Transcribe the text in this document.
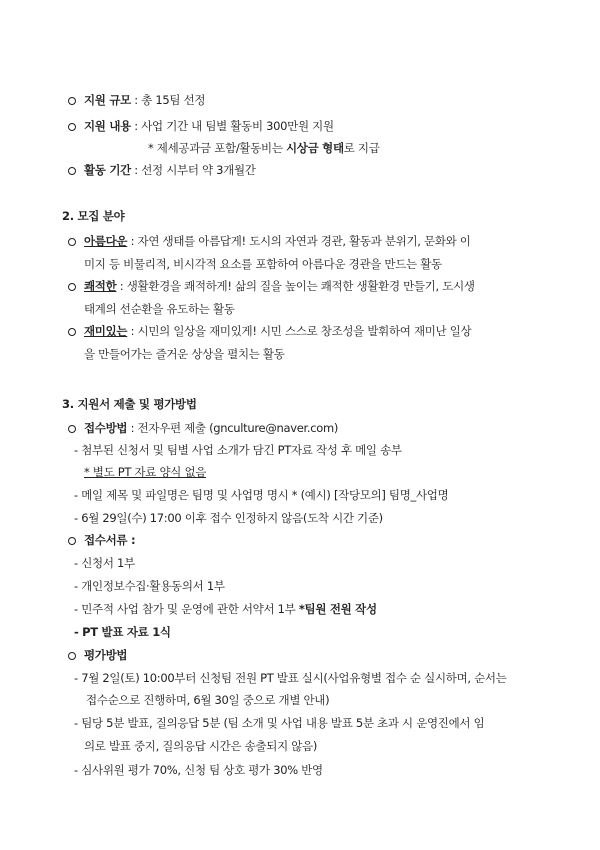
지원 규모 : 총 15팀 선정
지원 내용 : 사업 기간 내 팀별 활동비 300만원 지원
* 제세공과금 포함/활동비는 시상금 형태로 지급
활동 기간 : 선정 시부터 약 3개월간
2. 모집 분야
아름다운 : 자연 생태를 아름답게! 도시의 자연과 경관, 활동과 분위기, 문화와 이
미지 등 비물리적, 비시각적 요소를 포함하여 아름다운 경관을 만드는 활동
쾌적한 : 생활환경을 쾌적하게! 삶의 질을 높이는 쾌적한 생활환경 만들기, 도시생
태계의 선순환을 유도하는 활동
재미있는 : 시민의 일상을 재미있게! 시민 스스로 창조성을 발휘하여 재미난 일상
을 만들어가는 즐거운 상상을 펼치는 활동
3. 지원서 제출 및 평가방법
접수방법 : 전자우편 제출 (gnculture@naver.com)
- 첨부된 신청서 및 팀별 사업 소개가 담긴 PT자료 작성 후 메일 송부
* 별도 PT 자료 양식 없음
- 메일 제목 및 파일명은 팀명 및 사업명 명시 * (예시) [작당모의] 팀명_사업명
- 6월 29일(수) 17:00 이후 접수 인정하지 않음(도착 시간 기준)
접수서류 :
- 신청서 1부
- 개인정보수집·활용동의서 1부
- 민주적 사업 참가 및 운영에 관한 서약서 1부 *팀원 전원 작성
- PT 발표 자료 1식
평가방법
- 7월 2일(토) 10:00부터 신청팀 전원 PT 발표 실시(사업유형별 접수 순 실시하며, 순서는
접수순으로 진행하며, 6월 30일 중으로 개별 안내)
- 팀당 5분 발표, 질의응답 5분 (팀 소개 및 사업 내용 발표 5분 초과 시 운영진에서 임
의로 발표 중지, 질의응답 시간은 송출되지 않음)
- 심사위원 평가 70%, 신청 팀 상호 평가 30% 반영
